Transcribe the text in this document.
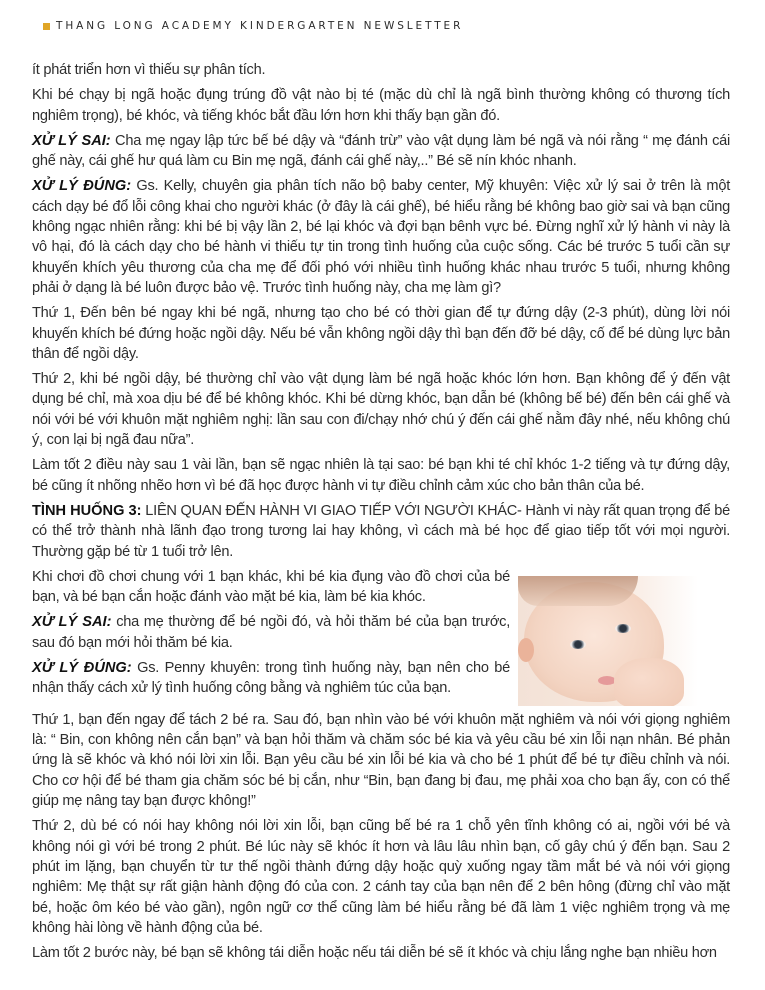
THANG LONG ACADEMY KINDERGARTEN NEWSLETTER

ít phát triển hơn vì thiếu sự phân tích.

Khi bé chạy bị ngã hoặc đụng trúng đồ vật nào bị té (mặc dù chỉ là ngã bình thường không có thương tích nghiêm trọng), bé khóc, và tiếng khóc bắt đầu lớn hơn khi thấy bạn gần đó.

XỬ LÝ SAI: Cha mẹ ngay lập tức bế bé dậy và “đánh trừ” vào vật dụng làm bé ngã và nói rằng “ mẹ đánh cái ghế này, cái ghế hư quá làm cu Bin mẹ ngã, đánh cái ghế này,..” Bé sẽ nín khóc nhanh.

XỬ LÝ ĐÚNG: Gs. Kelly, chuyên gia phân tích não bộ baby center, Mỹ khuyên: Việc xử lý sai ở trên là một cách dạy bé đổ lỗi công khai cho người khác (ở đây là cái ghế), bé hiểu rằng bé không bao giờ sai và bạn cũng không ngạc nhiên rằng: khi bé bị vậy lần 2, bé lại khóc và đợi bạn bênh vực bé. Đừng nghĩ xử lý hành vi này là vô hại, đó là cách dạy cho bé hành vi thiếu tự tin trong tình huống của cuộc sống. Các bé trước 5 tuổi cần sự khuyến khích yêu thương của cha mẹ để đối phó với nhiều tình huống khác nhau trước 5 tuổi, nhưng không phải ở dạng là bé luôn được bảo vệ. Trước tình huống này, cha mẹ làm gì?

Thứ 1, Đến bên bé ngay khi bé ngã, nhưng tạo cho bé có thời gian để tự đứng dậy (2-3 phút), dùng lời nói khuyến khích bé đứng hoặc ngồi dậy. Nếu bé vẫn không ngồi dậy thì bạn đến đỡ bé dậy, cố để bé dùng lực bản thân để ngồi dậy.

Thứ 2, khi bé ngồi dậy, bé thường chỉ vào vật dụng làm bé ngã hoặc khóc lớn hơn. Bạn không để ý đến vật dụng bé chỉ, mà xoa dịu bé để bé không khóc. Khi bé dừng khóc, bạn dẫn bé (không bế bé) đến bên cái ghế và nói với bé với khuôn mặt nghiêm nghị: lần sau con đi/chạy nhớ chú ý đến cái ghế nằm đây nhé, nếu không chú ý, con lại bị ngã đau nữa”.

Làm tốt 2 điều này sau 1 vài lần, bạn sẽ ngạc nhiên là tại sao: bé bạn khi té chỉ khóc 1-2 tiếng và tự đứng dậy, bé cũng ít nhõng nhẽo hơn vì bé đã học được hành vi tự điều chỉnh cảm xúc cho bản thân của bé.

TÌNH HUỐNG 3: LIÊN QUAN ĐẾN HÀNH VI GIAO TIẾP VỚI NGƯỜI KHÁC- Hành vi này rất quan trọng để bé có thể trở thành nhà lãnh đạo trong tương lai hay không, vì cách mà bé học để giao tiếp tốt với mọi người. Thường gặp bé từ 1 tuổi trở lên.

Khi chơi đồ chơi chung với 1 bạn khác, khi bé kia đụng vào đồ chơi của bé bạn, và bé bạn cắn hoặc đánh vào mặt bé kia, làm bé kia khóc.

XỬ LÝ SAI: cha mẹ thường để bé ngồi đó, và hỏi thăm bé của bạn trước, sau đó bạn mới hỏi thăm bé kia.

XỬ LÝ ĐÚNG: Gs. Penny khuyên: trong tình huống này, bạn nên cho bé nhận thấy cách xử lý tình huống công bằng và nghiêm túc của bạn.

Thứ 1, bạn đến ngay để tách 2 bé ra. Sau đó, bạn nhìn vào bé với khuôn mặt nghiêm và nói với giọng nghiêm là: “ Bin, con không nên cắn bạn” và bạn hỏi thăm và chăm sóc bé kia và yêu cầu bé xin lỗi nạn nhân. Bé phản ứng là sẽ khóc và khó nói lời xin lỗi. Bạn yêu cầu bé xin lỗi bé kia và cho bé 1 phút để bé tự điều chỉnh và nói. Cho cơ hội để bé tham gia chăm sóc bé bị cắn, như “Bin, bạn đang bị đau, mẹ phải xoa cho bạn ấy, con có thể giúp mẹ nâng tay bạn được không!”

Thứ 2, dù bé có nói hay không nói lời xin lỗi, bạn cũng bế bé ra 1 chỗ yên tĩnh không có ai, ngồi với bé và không nói gì với bé trong 2 phút. Bé lúc này sẽ khóc ít hơn và lâu lâu nhìn bạn, cố gây chú ý đến bạn. Sau 2 phút im lặng, bạn chuyển từ tư thế ngồi thành đứng dậy hoặc quỳ xuống ngay tầm mắt bé và nói với giọng nghiêm: Mẹ thật sự rất giận hành động đó của con. 2 cánh tay của bạn nên để 2 bên hông (đừng chỉ vào mặt bé, hoặc ôm kéo bé vào gần), ngôn ngữ cơ thể cũng làm bé hiểu rằng bé đã làm 1 việc nghiêm trọng và mẹ không hài lòng về hành động của bé.

Làm tốt 2 bước này, bé bạn sẽ không tái diễn hoặc nếu tái diễn bé sẽ ít khóc và chịu lắng nghe bạn nhiều hơn
